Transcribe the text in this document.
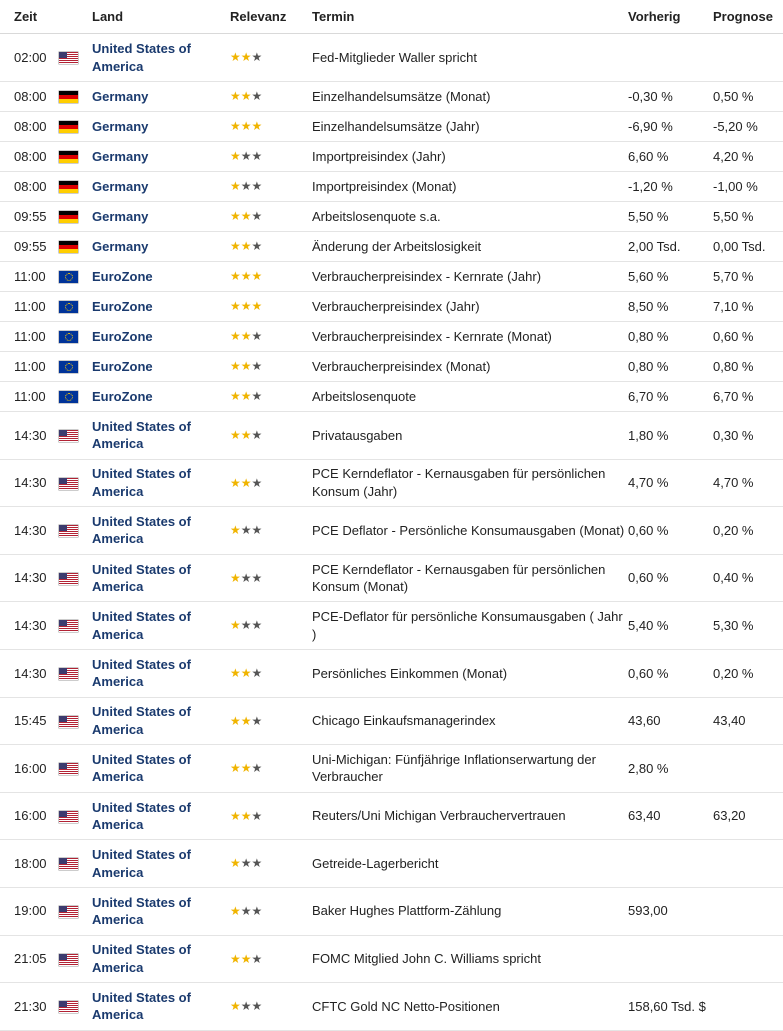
Zeit		Land	Relevanz	Termin	Vorherig	Prognose
02:00		United States of America	★★★	Fed-Mitglieder Waller spricht		
08:00		Germany	★★★	Einzelhandelsumsätze (Monat)	-0,30 %	0,50 %
08:00		Germany	★★★	Einzelhandelsumsätze (Jahr)	-6,90 %	-5,20 %
08:00		Germany	★★★	Importpreisindex (Jahr)	6,60 %	4,20 %
08:00		Germany	★★★	Importpreisindex (Monat)	-1,20 %	-1,00 %
09:55		Germany	★★★	Arbeitslosenquote s.a.	5,50 %	5,50 %
09:55		Germany	★★★	Änderung der Arbeitslosigkeit	2,00 Tsd.	0,00 Tsd.
11:00		EuroZone	★★★	Verbraucherpreisindex - Kernrate (Jahr)	5,60 %	5,70 %
11:00		EuroZone	★★★	Verbraucherpreisindex (Jahr)	8,50 %	7,10 %
11:00		EuroZone	★★★	Verbraucherpreisindex - Kernrate (Monat)	0,80 %	0,60 %
11:00		EuroZone	★★★	Verbraucherpreisindex (Monat)	0,80 %	0,80 %
11:00		EuroZone	★★★	Arbeitslosenquote	6,70 %	6,70 %
14:30		United States of America	★★★	Privatausgaben	1,80 %	0,30 %
14:30		United States of America	★★★	PCE Kerndeflator - Kernausgaben für persönlichen Konsum (Jahr)	4,70 %	4,70 %
14:30		United States of America	★★★	PCE Deflator - Persönliche Konsumausgaben (Monat)	0,60 %	0,20 %
14:30		United States of America	★★★	PCE Kerndeflator - Kernausgaben für persönlichen Konsum (Monat)	0,60 %	0,40 %
14:30		United States of America	★★★	PCE-Deflator für persönliche Konsumausgaben ( Jahr )	5,40 %	5,30 %
14:30		United States of America	★★★	Persönliches Einkommen (Monat)	0,60 %	0,20 %
15:45		United States of America	★★★	Chicago Einkaufsmanagerindex	43,60	43,40
16:00		United States of America	★★★	Uni-Michigan: Fünfjährige Inflationserwartung der Verbraucher	2,80 %	
16:00		United States of America	★★★	Reuters/Uni Michigan Verbrauchervertrauen	63,40	63,20
18:00		United States of America	★★★	Getreide-Lagerbericht		
19:00		United States of America	★★★	Baker Hughes Plattform-Zählung	593,00	
21:05		United States of America	★★★	FOMC Mitglied John C. Williams spricht		
21:30		United States of America	★★★	CFTC Gold NC Netto-Positionen	158,60 Tsd. $	
